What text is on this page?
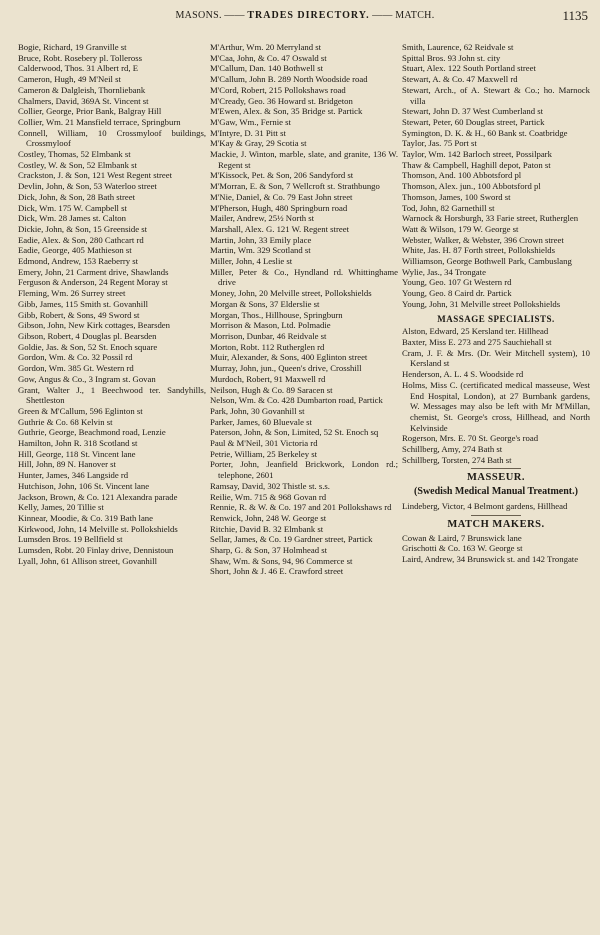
MASONS. —— TRADES DIRECTORY. —— MATCH.	1135
Bogie, Richard, 19 Granville st
Bruce, Robt. Rosebery pl. Tolleross
Calderwood, Thos. 31 Albert rd, E
Cameron, Hugh, 49 M'Neil st
Cameron & Dalgleish, Thornliebank
Chalmers, David, 369A St. Vincent st
Collier, George, Prior Bank, Balgray Hill
Collier, Wm. 21 Mansfield terrace, Springburn
Connell, William, 10 Crossmyloof buildings, Crossmyloof
Costley, Thomas, 52 Elmbank st
Costley, W. & Son, 52 Elmbank st
Crackston, J. & Son, 121 West Regent street
Devlin, John, & Son, 53 Waterloo street
Dick, John, & Son, 28 Bath street
Dick, Wm. 175 W. Campbell st
Dick, Wm. 28 James st. Calton
Dickie, John, & Son, 15 Greenside st
Eadie, Alex. & Son, 280 Cathcart rd
Eadie, George, 405 Mathieson st
Edmond, Andrew, 153 Raeberry st
Emery, John, 21 Carment drive, Shawlands
Ferguson & Anderson, 24 Regent Moray st
Fleming, Wm. 26 Surrey street
Gibb, James, 115 Smith st. Govanhill
Gibb, Robert, & Sons, 49 Sword st
Gibson, John, New Kirk cottages, Bearsden
Gibson, Robert, 4 Douglas pl. Bearsden
Goldie, Jas. & Son, 52 St. Enoch square
Gordon, Wm. & Co. 32 Possil rd
Gordon, Wm. 385 Gt. Western rd
Gow, Angus & Co., 3 Ingram st. Govan
Grant, Walter J., 1 Beechwood ter. Sandyhills, Shettleston
Green & M'Callum, 596 Eglinton st
Guthrie & Co. 68 Kelvin st
Guthrie, George, Beachmond road, Lenzie
Hamilton, John R. 318 Scotland st
Hill, George, 118 St. Vincent lane
Hill, John, 89 N. Hanover st
Hunter, James, 346 Langside rd
Hutchison, John, 106 St. Vincent lane
Jackson, Brown, & Co. 121 Alexandra parade
Kelly, James, 20 Tillie st
Kinnear, Moodie, & Co. 319 Bath lane
Kirkwood, John, 14 Melville st. Pollokshields
Lumsden Bros. 19 Bellfield st
Lumsden, Robt. 20 Finlay drive, Dennistoun
Lyall, John, 61 Allison street, Govanhill
M'Arthur, Wm. 20 Merryland st
M'Caa, John, & Co. 47 Oswald st
M'Callum, Dan. 140 Bothwell st
M'Callum, John B. 289 North Woodside road
M'Cord, Robert, 215 Pollokshaws road
M'Cready, Geo. 36 Howard st. Bridgeton
M'Ewen, Alex. & Son, 35 Bridge st. Partick
M'Gaw, Wm., Fernie st
M'Intyre, D. 31 Pitt st
M'Kay & Gray, 29 Scotia st
Mackie, J. Winton, marble, slate, and granite, 136 W. Regent st
M'Kissock, Pet. & Son, 206 Sandyford st
M'Morran, E. & Son, 7 Wellcroft st. Strathbungo
M'Nie, Daniel, & Co. 79 East John street
M'Pherson, Hugh, 480 Springburn road
Mailer, Andrew, 25½ North st
Marshall, Alex. G. 121 W. Regent street
Martin, John, 33 Emily place
Martin, Wm. 329 Scotland st
Miller, John, 4 Leslie st
Miller, Peter & Co., Hyndland rd. Whittinghame drive
Money, John, 20 Melville street, Pollokshields
Morgan & Sons, 37 Elderslie st
Morgan, Thos., Hillhouse, Springburn
Morrison & Mason, Ltd. Polmadie
Morrison, Dunbar, 46 Reidvale st
Morton, Robt. 112 Rutherglen rd
Muir, Alexander, & Sons, 400 Eglinton street
Murray, John, jun., Queen's drive, Crosshill
Murdoch, Robert, 91 Maxwell rd
Neilson, Hugh & Co. 89 Saracen st
Nelson, Wm. & Co. 428 Dumbarton road, Partick
Park, John, 30 Govanhill st
Parker, James, 60 Bluevale st
Paterson, John, & Son, Limited, 52 St. Enoch sq
Paul & M'Neil, 301 Victoria rd
Petrie, William, 25 Berkeley st
Porter, John, Jeanfield Brickwork, London rd.; telephone, 2601
Ramsay, David, 302 Thistle st. s.s.
Reilie, Wm. 715 & 968 Govan rd
Rennie, R. & W. & Co. 197 and 201 Pollokshaws rd
Renwick, John, 248 W. George st
Ritchie, David B. 32 Elmbank st
Sellar, James, & Co. 19 Gardner street, Partick
Sharp, G. & Son, 37 Holmhead st
Shaw, Wm. & Sons, 94, 96 Commerce st
Short, John & J. 46 E. Crawford street
Smith, Laurence, 62 Reidvale st
Spittal Bros. 93 John st. city
Stuart, Alex. 122 South Portland street
Stewart, A. & Co. 47 Maxwell rd
Stewart, Arch., of A. Stewart & Co.; ho. Marnock villa
Stewart, John D. 37 West Cumberland st
Stewart, Peter, 60 Douglas street, Partick
Symington, D. K. & H., 60 Bank st. Coatbridge
Taylor, Jas. 75 Port st
Taylor, Wm. 142 Barloch street, Possilpark
Thaw & Campbell, Haghill depot, Paton st
Thomson, And. 100 Abbotsford pl
Thomson, Alex. jun., 100 Abbotsford pl
Thomson, James, 100 Sword st
Tod, John, 82 Garnethill st
Warnock & Horsburgh, 33 Farie street, Rutherglen
Watt & Wilson, 179 W. George st
Webster, Walker, & Webster, 396 Crown street
White, Jas. H. 87 Forth street, Pollokshields
Williamson, George Bothwell Park, Cambuslang
Wylie, Jas., 34 Trongate
Young, Geo. 107 Gt Western rd
Young, Geo. 8 Caird dr. Partick
Young, John, 31 Melville street Pollokshields
MASSAGE SPECIALISTS.
Alston, Edward, 25 Kersland ter. Hillhead
Baxter, Miss E. 273 and 275 Sauchiehall st
Cram, J. F. & Mrs. (Dr. Weir Mitchell system), 10 Kersland st
Henderson, A. L. 4 S. Woodside rd
Holms, Miss C. (certificated medical masseuse, West End Hospital, London), at 27 Burnbank gardens, W. Messages may also be left with Mr M'Millan, chemist, St. George's cross, Hillhead, and North Kelvinside
Rogerson, Mrs. E. 70 St. George's road
Schillberg, Amy, 274 Bath st
Schillberg, Torsten, 274 Bath st
MASSEUR.
(Swedish Medical Manual Treatment.)
Lindeberg, Victor, 4 Belmont gardens, Hillhead
MATCH MAKERS.
Cowan & Laird, 7 Brunswick lane
Grischotti & Co. 163 W. George st
Laird, Andrew, 34 Brunswick st. and 142 Trongate
